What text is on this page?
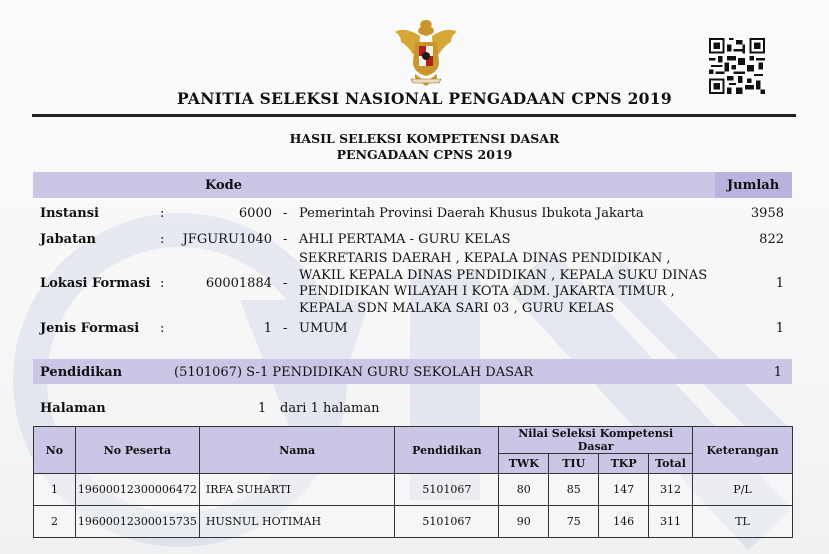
PANITIA SELEKSI NASIONAL PENGADAAN CPNS 2019
HASIL SELEKSI KOMPETENSI DASAR
PENGADAAN CPNS 2019
Kode	Jumlah
Instansi	:	6000 - Pemerintah Provinsi Daerah Khusus Ibukota Jakarta	3958
Jabatan	:	JFGURU1040 - AHLI PERTAMA - GURU KELAS	822
Lokasi Formasi :	60001884 -
SEKRETARIS DAERAH , KEPALA DINAS PENDIDIKAN ,
WAKIL KEPALA DINAS PENDIDIKAN , KEPALA SUKU DINAS
PENDIDIKAN WILAYAH I KOTA ADM. JAKARTA TIMUR ,
KEPALA SDN MALAKA SARI 03 , GURU KELAS
1
Jenis Formasi :	1 - UMUM	1
Pendidikan	(5101067) S-1 PENDIDIKAN GURU SEKOLAH DASAR	1
Halaman	1 dari 1 halaman
No	No Peserta	Nama	Pendidikan	Nilai Seleksi Kompetensi Dasar				Keterangan
				TWK	TIU	TKP	Total	
1	19600012300006472	IRFA SUHARTI	5101067	80	85	147	312	P/L
2	19600012300015735	HUSNUL HOTIMAH	5101067	90	75	146	311	TL
